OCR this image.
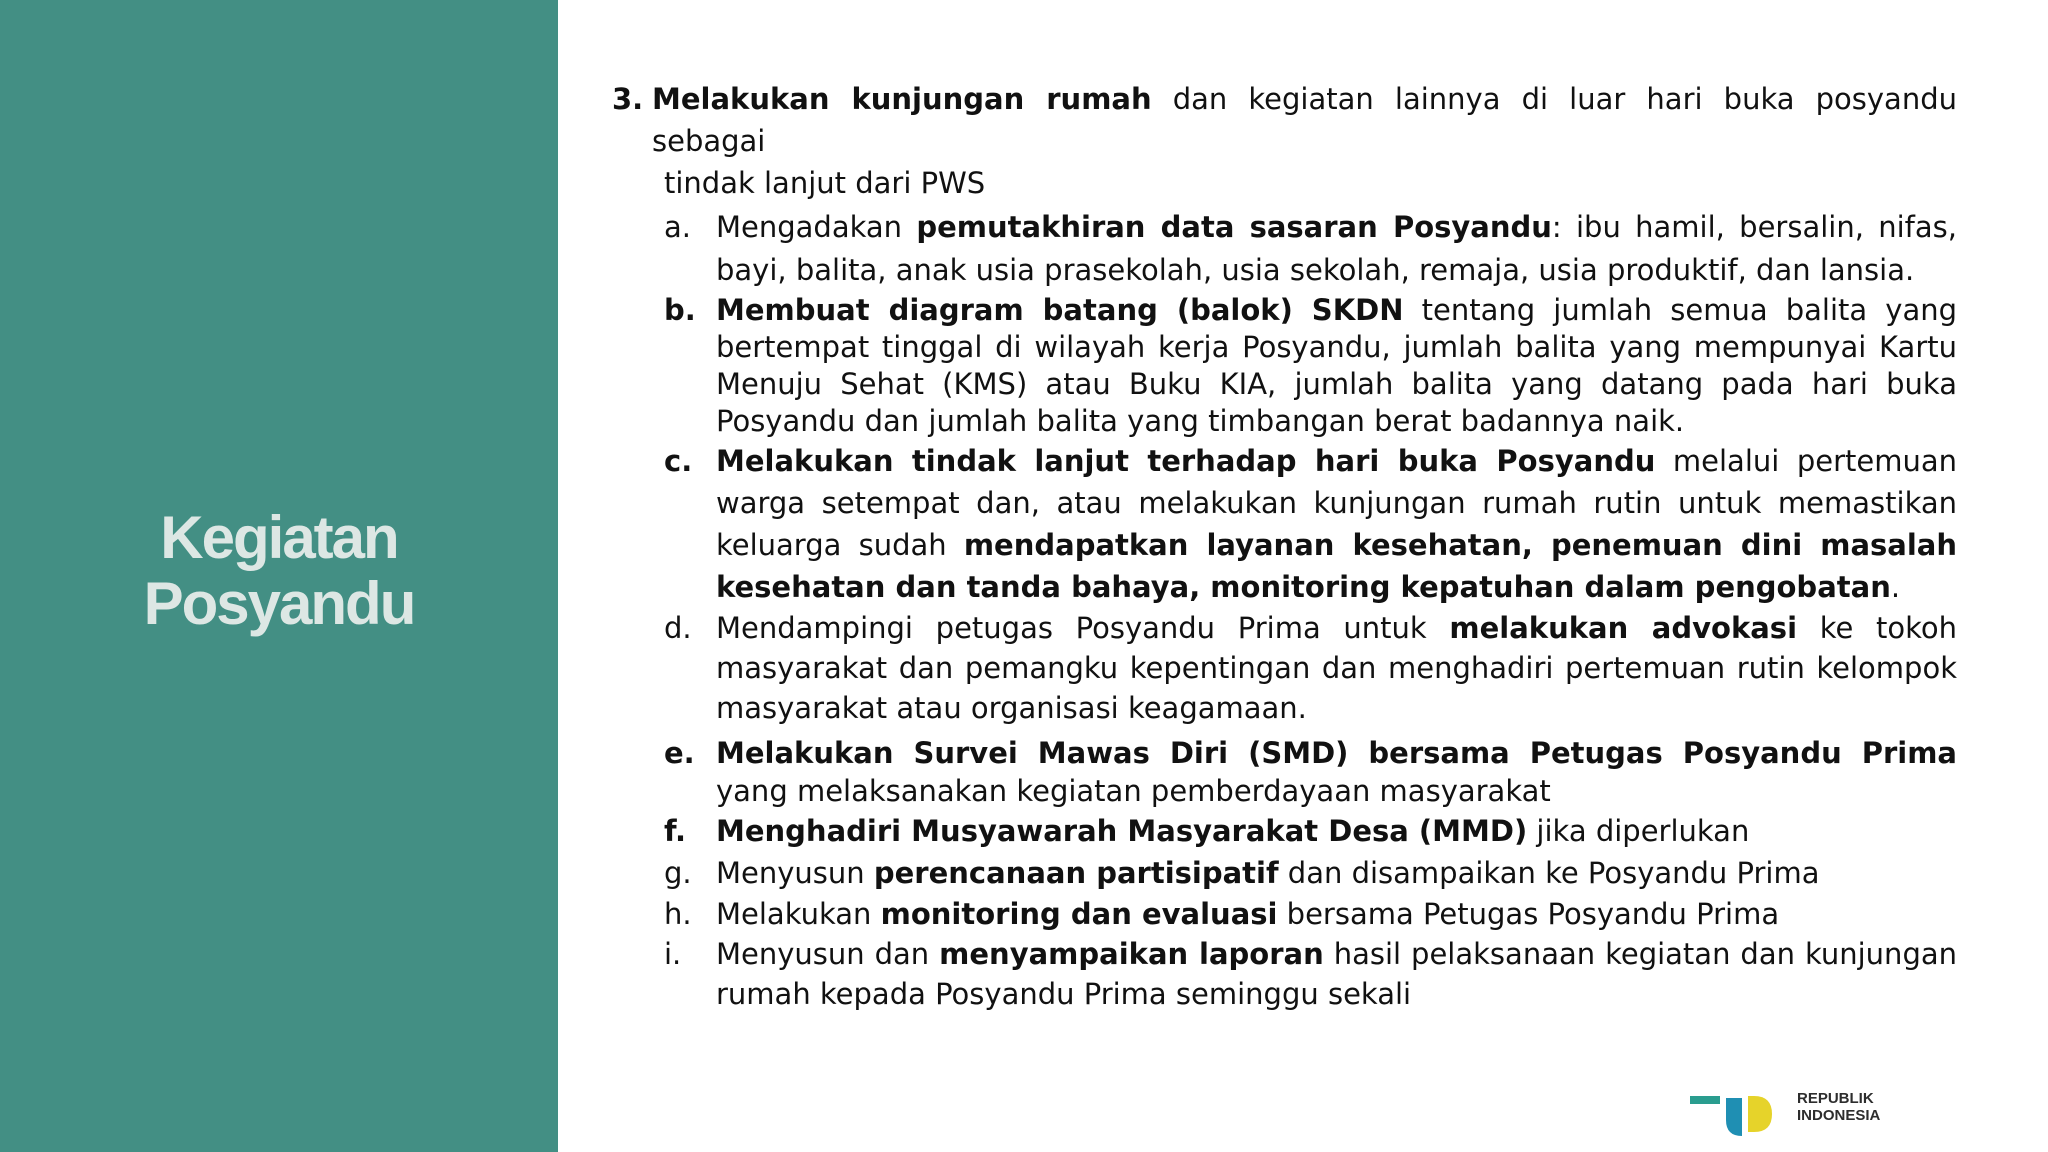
Kegiatan
Posyandu
3. Melakukan kunjungan rumah dan kegiatan lainnya di luar hari buka posyandu sebagai
tindak lanjut dari PWS
a. Mengadakan pemutakhiran data sasaran Posyandu: ibu hamil, bersalin, nifas, bayi, balita, anak usia prasekolah, usia sekolah, remaja, usia produktif, dan lansia.
b. Membuat diagram batang (balok) SKDN tentang jumlah semua balita yang bertempat tinggal di wilayah kerja Posyandu, jumlah balita yang mempunyai Kartu Menuju Sehat (KMS) atau Buku KIA, jumlah balita yang datang pada hari buka Posyandu dan jumlah balita yang timbangan berat badannya naik.
c. Melakukan tindak lanjut terhadap hari buka Posyandu melalui pertemuan warga setempat dan, atau melakukan kunjungan rumah rutin untuk memastikan keluarga sudah mendapatkan layanan kesehatan, penemuan dini masalah kesehatan dan tanda bahaya, monitoring kepatuhan dalam pengobatan.
d. Mendampingi petugas Posyandu Prima untuk melakukan advokasi ke tokoh masyarakat dan pemangku kepentingan dan menghadiri pertemuan rutin kelompok masyarakat atau organisasi keagamaan.
e. Melakukan Survei Mawas Diri (SMD) bersama Petugas Posyandu Prima yang melaksanakan kegiatan pemberdayaan masyarakat
f.	Menghadiri Musyawarah Masyarakat Desa (MMD) jika diperlukan
g. Menyusun perencanaan partisipatif dan disampaikan ke Posyandu Prima
h. Melakukan monitoring dan evaluasi bersama Petugas Posyandu Prima
i.	Menyusun dan menyampaikan laporan hasil pelaksanaan kegiatan dan kunjungan rumah kepada Posyandu Prima seminggu sekali
REPUBLIK
INDONESIA
